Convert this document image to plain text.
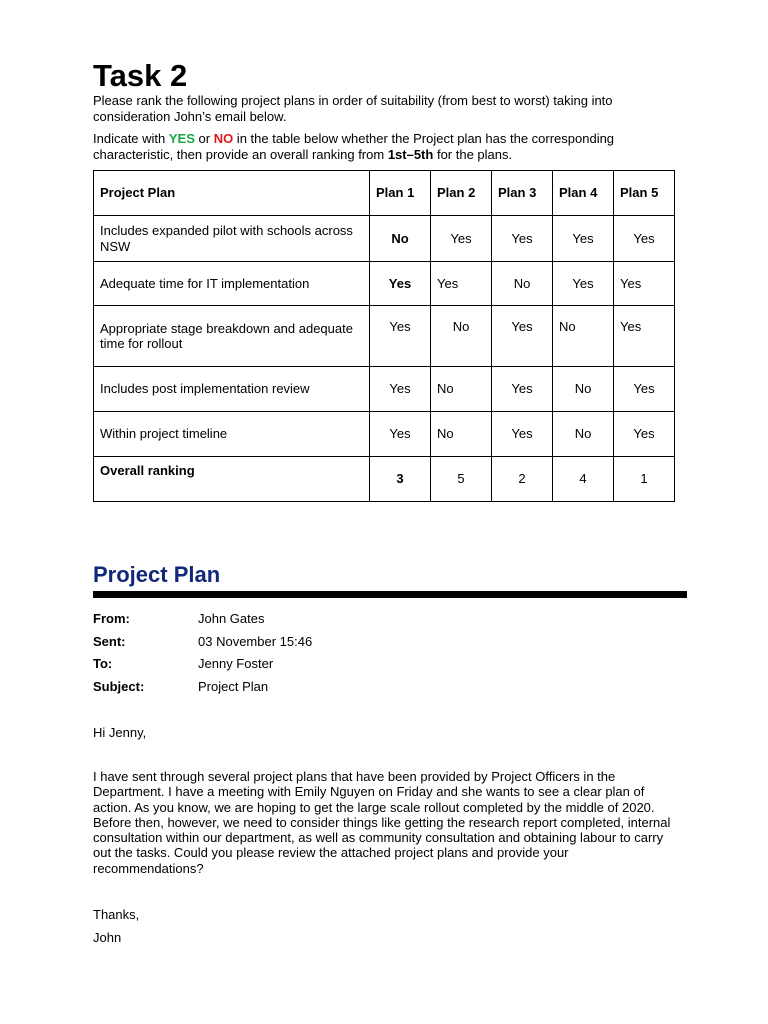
Task 2

Please rank the following project plans in order of suitability (from best to worst) taking into consideration John’s email below.

Indicate with YES or NO in the table below whether the Project plan has the corresponding characteristic, then provide an overall ranking from 1st–5th for the plans.

Project Plan	Plan 1	Plan 2	Plan 3	Plan 4	Plan 5
Includes expanded pilot with schools across NSW	No	Yes	Yes	Yes	Yes
Adequate time for IT implementation	Yes	Yes	No	Yes	Yes
Appropriate stage breakdown and adequate time for rollout	Yes	No	Yes	No	Yes
Includes post implementation review	Yes	No	Yes	No	Yes
Within project timeline	Yes	No	Yes	No	Yes
Overall ranking	3	5	2	4	1
Project Plan
From:	John Gates
Sent:	03 November 15:46
To:	Jenny Foster
Subject:	Project Plan
Hi Jenny,

I have sent through several project plans that have been provided by Project Officers in the Department. I have a meeting with Emily Nguyen on Friday and she wants to see a clear plan of action. As you know, we are hoping to get the large scale rollout completed by the middle of 2020. Before then, however, we need to consider things like getting the research report completed, internal consultation within our department, as well as community consultation and obtaining labour to carry out the tasks. Could you please review the attached project plans and provide your recommendations?

Thanks,
John
